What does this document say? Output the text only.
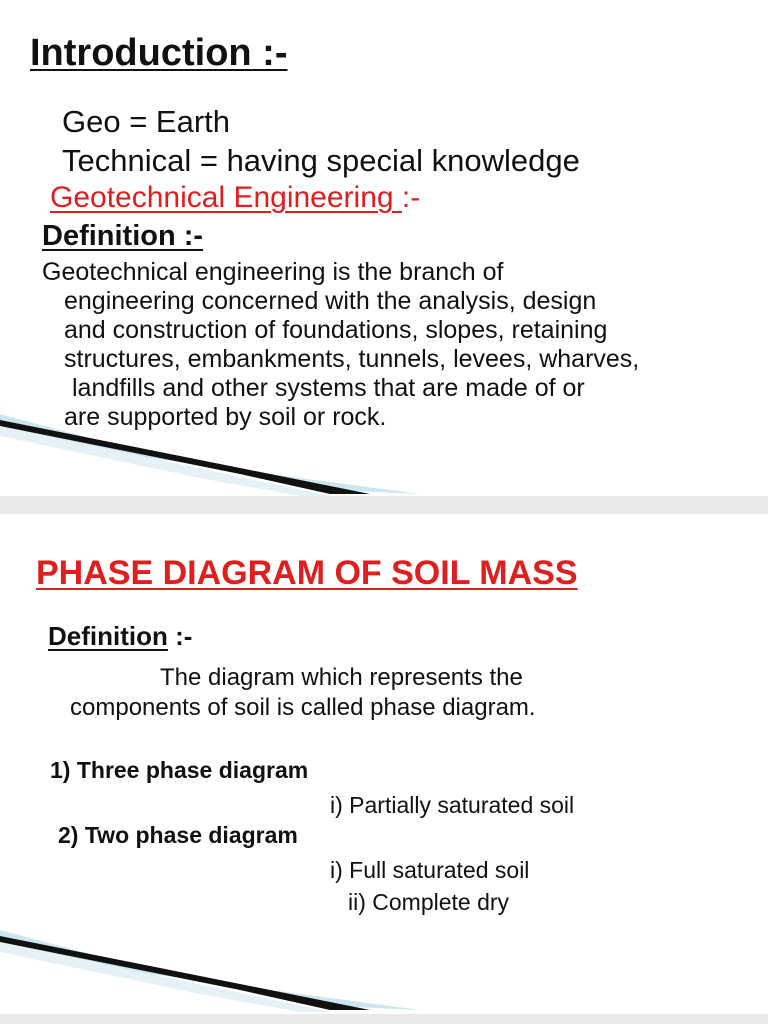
Introduction :-
Geo = Earth
Technical = having special knowledge
Geotechnical Engineering :-
Definition :-
Geotechnical engineering is the branch of
engineering concerned with the analysis, design
and construction of foundations, slopes, retaining
structures, embankments, tunnels, levees, wharves,
landfills and other systems that are made of or
are supported by soil or rock.
PHASE DIAGRAM OF SOIL MASS
Definition :-
The diagram which represents the
components of soil is called phase diagram.
1) Three phase diagram
i) Partially saturated soil
2) Two phase diagram
i) Full saturated soil
ii) Complete dry
